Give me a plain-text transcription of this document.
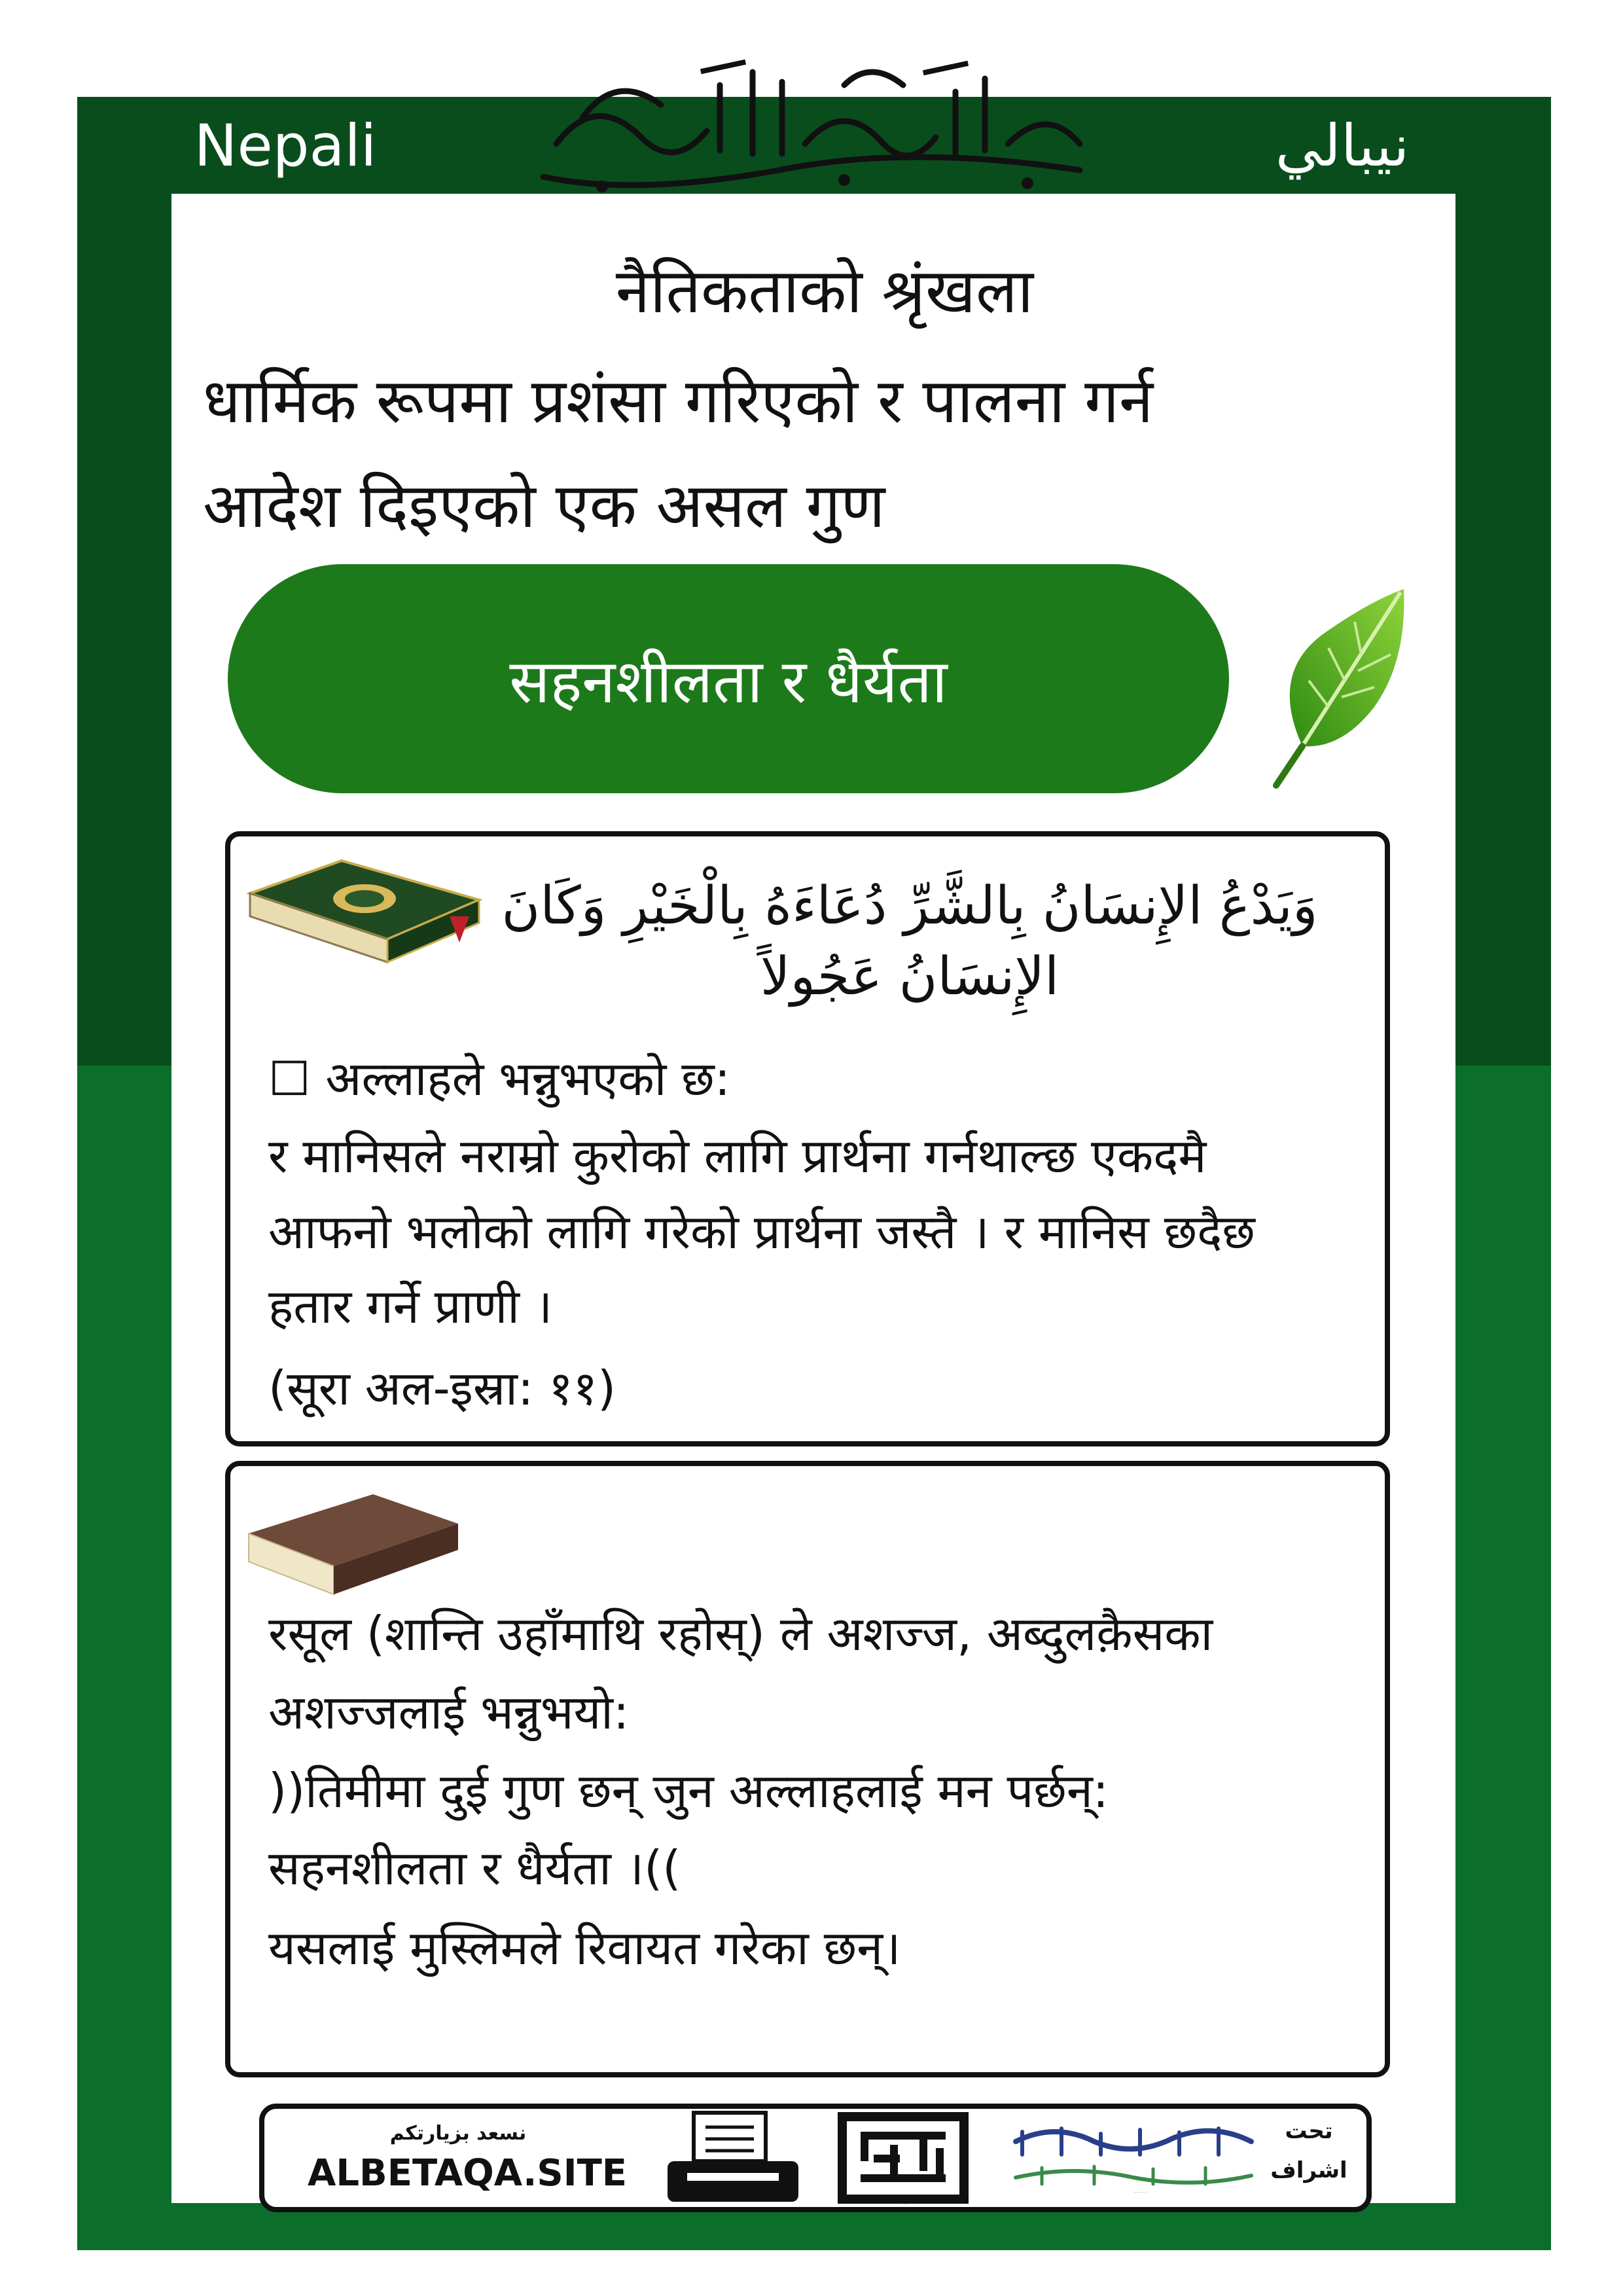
Nepali	نيبالي
नैतिकताको श्रृंखला
धार्मिक रूपमा प्रशंसा गरिएको र पालना गर्न
आदेश दिइएको एक असल गुण
सहनशीलता र धैर्यता
وَيَدْعُ الإِنسَانُ بِالشَّرِّ دُعَاءَهُ بِالْخَيْرِ وَكَانَ
الإِنسَانُ عَجُولاً
☐ अल्लाहले भन्नुभएको छ:
र मानिसले नराम्रो कुरोको लागि प्रार्थना गर्नथाल्छ एकदमै
आफनो भलोको लागि गरेको प्रार्थना जस्तै । र मानिस छदैछ
हतार गर्ने प्राणी ।
(सूरा अल-इस्रा: ११)
रसूल (शान्ति उहाँमाथि रहोस्) ले अशज्ज, अब्दुलक़ैसका
अशज्जलाई भन्नुभयो:
))तिमीमा दुई गुण छन् जुन अल्लाहलाई मन पर्छन्:
सहनशीलता र धैर्यता ।((
यसलाई मुस्लिमले रिवायत गरेका छन्।
نسعد بزيارتكم
ALBETAQA.SITE
دعوة الورقة
جمعية شرق جدة الأهلية للدعوة والإرشاد وتوعية الجاليات
تحت
اشراف
